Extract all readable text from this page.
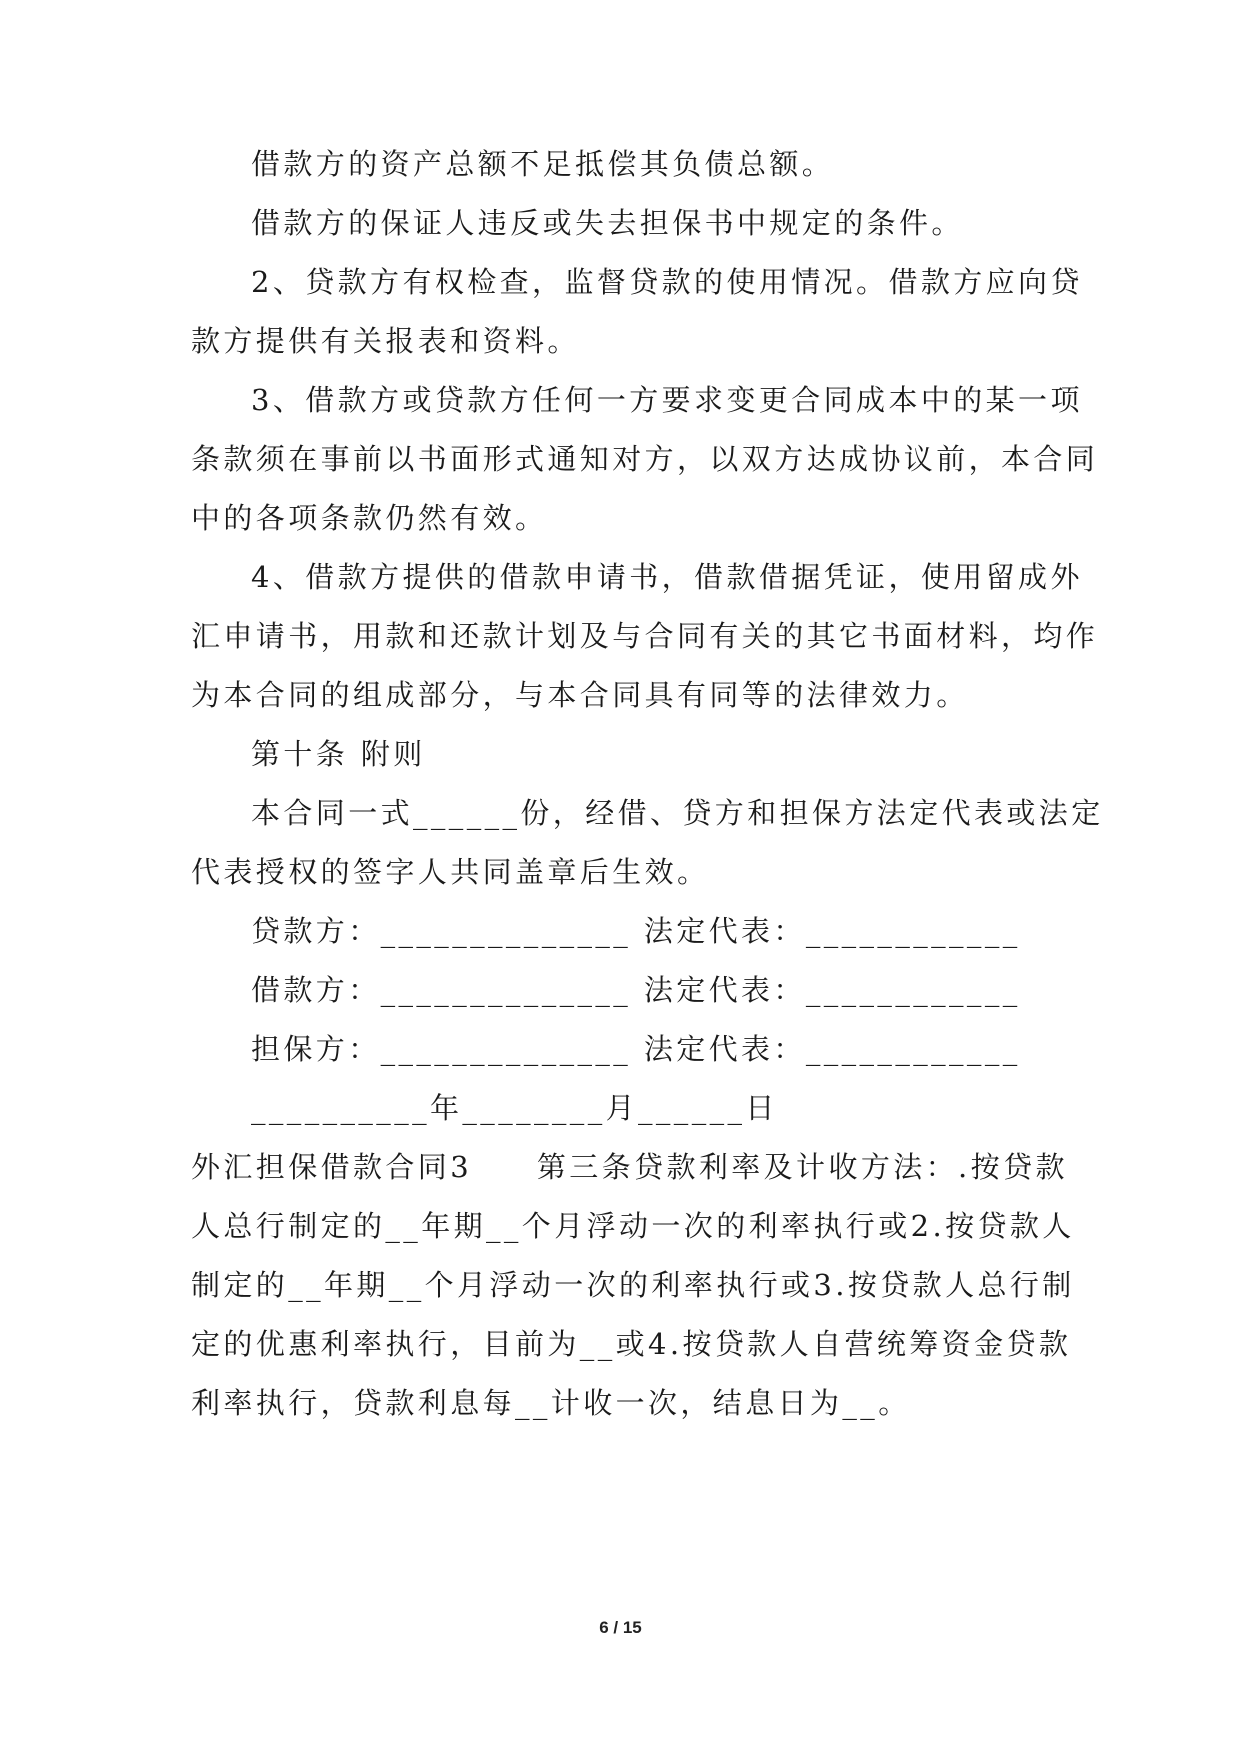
借款方的资产总额不足抵偿其负债总额。
借款方的保证人违反或失去担保书中规定的条件。
2、贷款方有权检查，监督贷款的使用情况。借款方应向贷
款方提供有关报表和资料。
3、借款方或贷款方任何一方要求变更合同成本中的某一项
条款须在事前以书面形式通知对方，以双方达成协议前，本合同
中的各项条款仍然有效。
4、借款方提供的借款申请书，借款借据凭证，使用留成外
汇申请书，用款和还款计划及与合同有关的其它书面材料，均作
为本合同的组成部分，与本合同具有同等的法律效力。
第十条 附则
本合同一式______份，经借、贷方和担保方法定代表或法定
代表授权的签字人共同盖章后生效。
贷款方：______________ 法定代表：____________
借款方：______________ 法定代表：____________
担保方：______________ 法定代表：____________
__________年________月______日
外汇担保借款合同3　　第三条贷款利率及计收方法：.按贷款
人总行制定的__年期__个月浮动一次的利率执行或2.按贷款人
制定的__年期__个月浮动一次的利率执行或3.按贷款人总行制
定的优惠利率执行，目前为__或4.按贷款人自营统筹资金贷款
利率执行，贷款利息每__计收一次，结息日为__。
6 / 15
